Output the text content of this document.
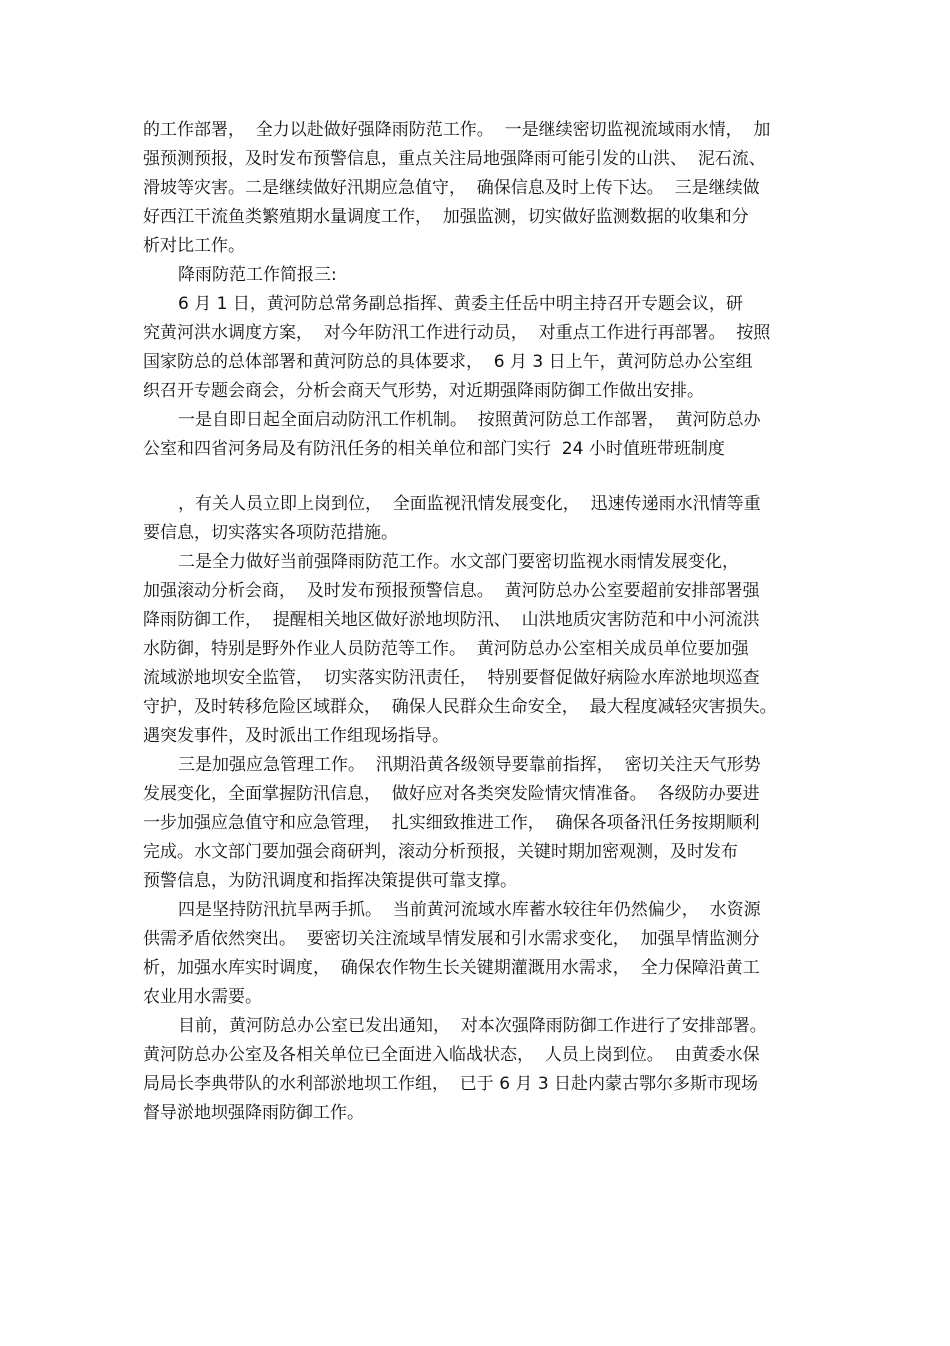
的工作部署，  全力以赴做好强降雨防范工作。  一是继续密切监视流域雨水情，  加
强预测预报，及时发布预警信息，重点关注局地强降雨可能引发的山洪、  泥石流、
滑坡等灾害。二是继续做好汛期应急值守，  确保信息及时上传下达。  三是继续做
好西江干流鱼类繁殖期水量调度工作，  加强监测，切实做好监测数据的收集和分
析对比工作。
降雨防范工作简报三:
6 月 1 日，黄河防总常务副总指挥、黄委主任岳中明主持召开专题会议，研
究黄河洪水调度方案，  对今年防汛工作进行动员，  对重点工作进行再部署。  按照
国家防总的总体部署和黄河防总的具体要求，  6 月 3 日上午，黄河防总办公室组
织召开专题会商会，分析会商天气形势，对近期强降雨防御工作做出安排。
一是自即日起全面启动防汛工作机制。  按照黄河防总工作部署，  黄河防总办
公室和四省河务局及有防汛任务的相关单位和部门实行  24 小时值班带班制度
，有关人员立即上岗到位，  全面监视汛情发展变化，  迅速传递雨水汛情等重
要信息，切实落实各项防范措施。
二是全力做好当前强降雨防范工作。水文部门要密切监视水雨情发展变化，
加强滚动分析会商，  及时发布预报预警信息。  黄河防总办公室要超前安排部署强
降雨防御工作，  提醒相关地区做好淤地坝防汛、  山洪地质灾害防范和中小河流洪
水防御，特别是野外作业人员防范等工作。  黄河防总办公室相关成员单位要加强
流域淤地坝安全监管，  切实落实防汛责任，  特别要督促做好病险水库淤地坝巡查
守护，及时转移危险区域群众，  确保人民群众生命安全，  最大程度减轻灾害损失。
遇突发事件，及时派出工作组现场指导。
三是加强应急管理工作。  汛期沿黄各级领导要靠前指挥，  密切关注天气形势
发展变化，全面掌握防汛信息，  做好应对各类突发险情灾情准备。  各级防办要进
一步加强应急值守和应急管理，  扎实细致推进工作，  确保各项备汛任务按期顺利
完成。水文部门要加强会商研判，滚动分析预报，关键时期加密观测，及时发布
预警信息，为防汛调度和指挥决策提供可靠支撑。
四是坚持防汛抗旱两手抓。  当前黄河流域水库蓄水较往年仍然偏少，  水资源
供需矛盾依然突出。  要密切关注流域旱情发展和引水需求变化，  加强旱情监测分
析，加强水库实时调度，  确保农作物生长关键期灌溉用水需求，  全力保障沿黄工
农业用水需要。
目前，黄河防总办公室已发出通知，  对本次强降雨防御工作进行了安排部署。
黄河防总办公室及各相关单位已全面进入临战状态，  人员上岗到位。  由黄委水保
局局长李典带队的水利部淤地坝工作组，  已于 6 月 3 日赴内蒙古鄂尔多斯市现场
督导淤地坝强降雨防御工作。
